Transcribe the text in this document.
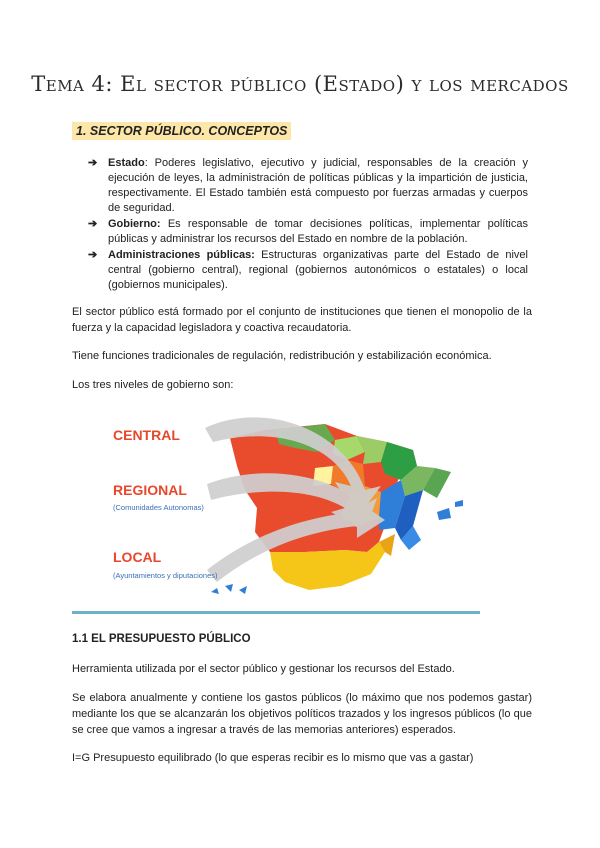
Tema 4: El sector público (Estado) y los mercados
1. SECTOR PÚBLICO. CONCEPTOS
➔ Estado: Poderes legislativo, ejecutivo y judicial, responsables de la creación y ejecución de leyes, la administración de políticas públicas y la impartición de justicia, respectivamente. El Estado también está compuesto por fuerzas armadas y cuerpos de seguridad.
➔ Gobierno: Es responsable de tomar decisiones políticas, implementar políticas públicas y administrar los recursos del Estado en nombre de la población.
➔ Administraciones públicas: Estructuras organizativas parte del Estado de nivel central (gobierno central), regional (gobiernos autonómicos o estatales) o local (gobiernos municipales).

El sector público está formado por el conjunto de instituciones que tienen el monopolio de la fuerza y la capacidad legisladora y coactiva recaudatoria.

Tiene funciones tradicionales de regulación, redistribución y estabilización económica.

Los tres niveles de gobierno son:

CENTRAL
REGIONAL
(Comunidades Autonomas)
LOCAL
(Ayuntamientos y diputaciones)
1.1 EL PRESUPUESTO PÚBLICO

Herramienta utilizada por el sector público y gestionar los recursos del Estado.

Se elabora anualmente y contiene los gastos públicos (lo máximo que nos podemos gastar) mediante los que se alcanzarán los objetivos políticos trazados y los ingresos públicos (lo que se cree que vamos a ingresar a través de las memorias anteriores) esperados.

I=G Presupuesto equilibrado (lo que esperas recibir es lo mismo que vas a gastar)
